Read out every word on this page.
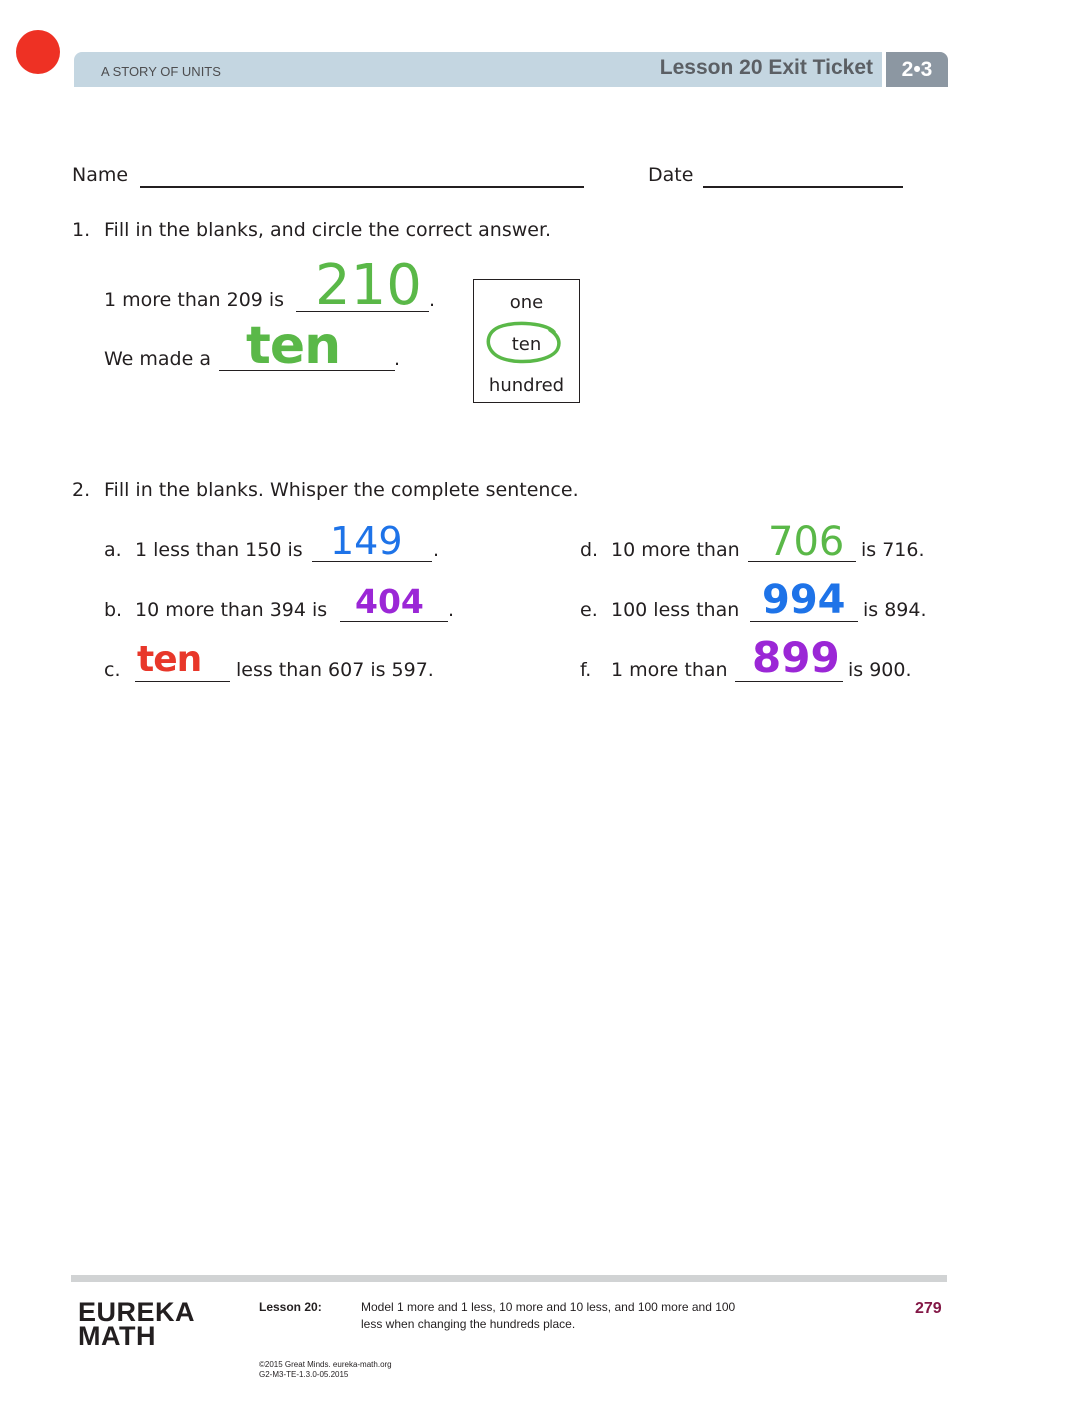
A STORY OF UNITS	Lesson 20 Exit Ticket	2•3
Name	Date
1. Fill in the blanks, and circle the correct answer.
1 more than 209 is	.
210
We made a	.
ten
one
ten
hundred
2. Fill in the blanks. Whisper the complete sentence.
a. 1 less than 150 is	.
149
b. 10 more than 394 is	.
404
c.	less than 607 is 597.
ten
d. 10 more than	is 716.
706
e. 100 less than	is 894.
994
f. 1 more than	is 900.
899
EUREKA
MATH
Lesson 20:	Model 1 more and 1 less, 10 more and 10 less, and 100 more and 100
less when changing the hundreds place.
279
©2015 Great Minds. eureka-math.org
G2-M3-TE-1.3.0-05.2015
